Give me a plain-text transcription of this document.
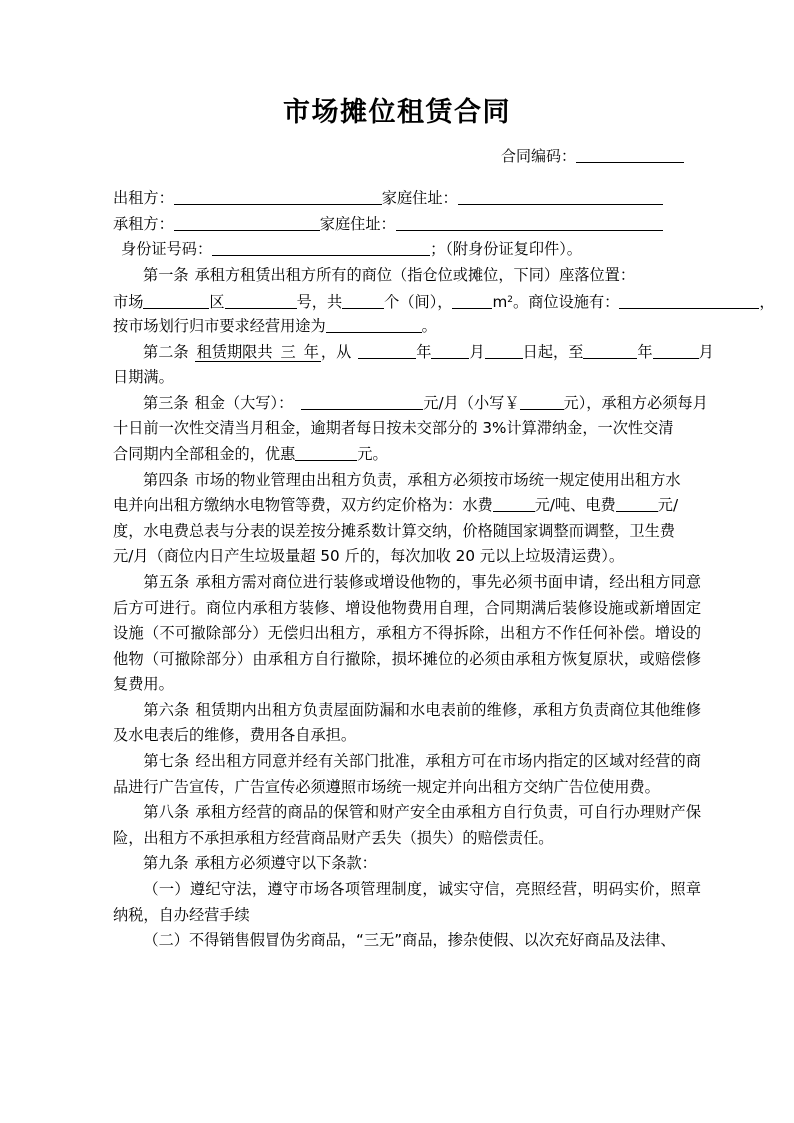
市场摊位租赁合同
合同编码：
出租方：	家庭住址：
承租方：	家庭住址：
身份证号码：	；（附身份证复印件）。
第一条 承租方租赁出租方所有的商位（指仓位或摊位，下同）座落位置：
市场	区	号，共	个（间），	$m^2$。商位设施有：	，
按市场划行归市要求经营用途为	。
第二条 租赁期限共 三 年 ，从	年	月	日起，至	年	月
日期满。
第三条 租金（大写）：	元/月（小写￥	元），承租方必须每月
十日前一次性交清当月租金，逾期者每日按未交部分的 3%计算滞纳金，一次性交清
合同期内全部租金的，优惠	元。
第四条 市场的物业管理由出租方负责，承租方必须按市场统一规定使用出租方水
电并向出租方缴纳水电物管等费，双方约定价格为：水费	元/吨、电费	元/
度，水电费总表与分表的误差按分摊系数计算交纳，价格随国家调整而调整，卫生费
元/月（商位内日产生垃圾量超 50 斤的，每次加收 20 元以上垃圾清运费）。
第五条 承租方需对商位进行装修或增设他物的，事先必须书面申请，经出租方同意后方可进行。商位内承租方装修、增设他物费用自理，合同期满后装修设施或新增固定设施（不可撤除部分）无偿归出租方，承租方不得拆除，出租方不作任何补偿。增设的他物（可撤除部分）由承租方自行撤除，损坏摊位的必须由承租方恢复原状，或赔偿修复费用。
第六条 租赁期内出租方负责屋面防漏和水电表前的维修，承租方负责商位其他维修及水电表后的维修，费用各自承担。
第七条 经出租方同意并经有关部门批准，承租方可在市场内指定的区域对经营的商品进行广告宣传，广告宣传必须遵照市场统一规定并向出租方交纳广告位使用费。
第八条 承租方经营的商品的保管和财产安全由承租方自行负责，可自行办理财产保险，出租方不承担承租方经营商品财产丢失（损失）的赔偿责任。
第九条 承租方必须遵守以下条款：
（一）遵纪守法，遵守市场各项管理制度，诚实守信，亮照经营，明码实价，照章纳税，自办经营手续
（二）不得销售假冒伪劣商品，“三无”商品，掺杂使假、以次充好商品及法律、
